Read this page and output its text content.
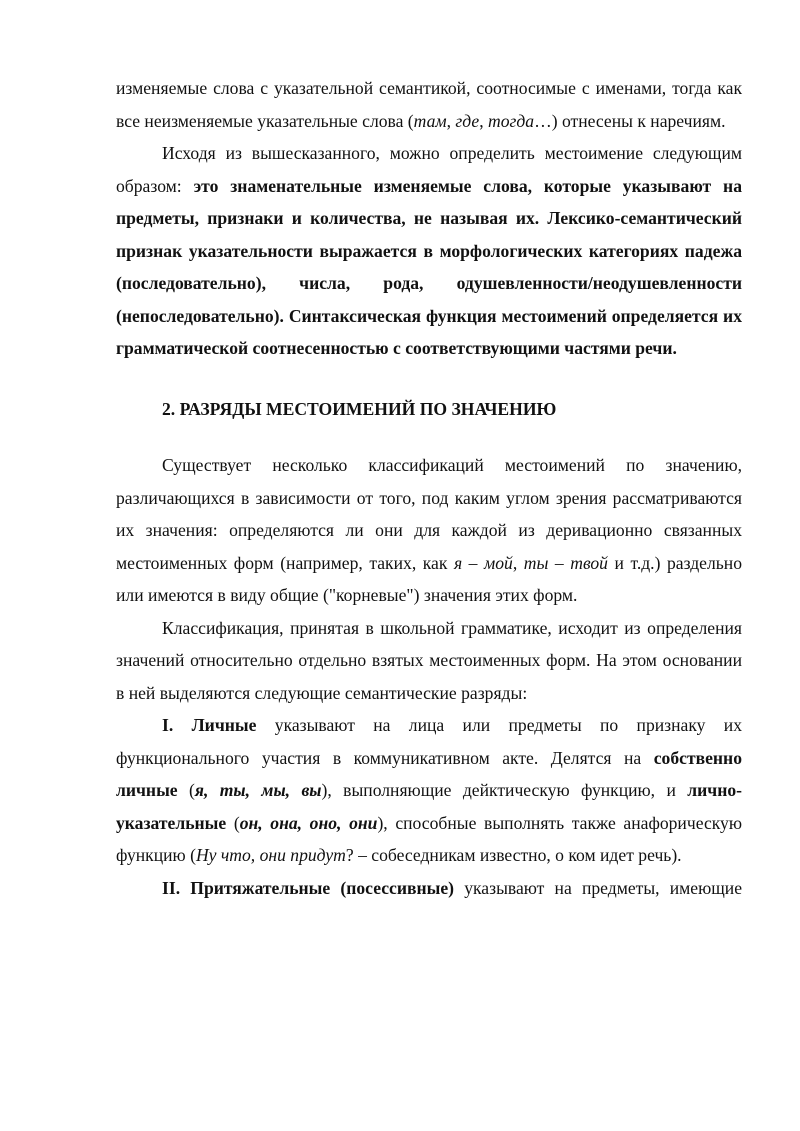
изменяемые слова с указательной семантикой, соотносимые с именами, тогда как все неизменяемые указательные слова (там, где, тогда…) отнесены к наречиям.

Исходя из вышесказанного, можно определить местоимение следующим образом: это знаменательные изменяемые слова, которые указывают на предметы, признаки и количества, не называя их. Лексико-семантический признак указательности выражается в морфологических категориях падежа (последовательно), числа, рода, одушевленности/неодушевленности (непоследовательно). Синтаксическая функция местоимений определяется их грамматической соотнесенностью с соответствующими частями речи.

2. РАЗРЯДЫ МЕСТОИМЕНИЙ ПО ЗНАЧЕНИЮ

Существует несколько классификаций местоимений по значению, различающихся в зависимости от того, под каким углом зрения рассматриваются их значения: определяются ли они для каждой из деривационно связанных местоименных форм (например, таких, как я – мой, ты – твой и т.д.) раздельно или имеются в виду общие ("корневые") значения этих форм.

Классификация, принятая в школьной грамматике, исходит из определения значений относительно отдельно взятых местоименных форм. На этом основании в ней выделяются следующие семантические разряды:

I. Личные указывают на лица или предметы по признаку их функционального участия в коммуникативном акте. Делятся на собственно личные (я, ты, мы, вы), выполняющие дейктическую функцию, и лично-указательные (он, она, оно, они), способные выполнять также анафорическую функцию (Ну что, они придут? – собеседникам известно, о ком идет речь).

II. Притяжательные (посессивные) указывают на предметы, имеющие
